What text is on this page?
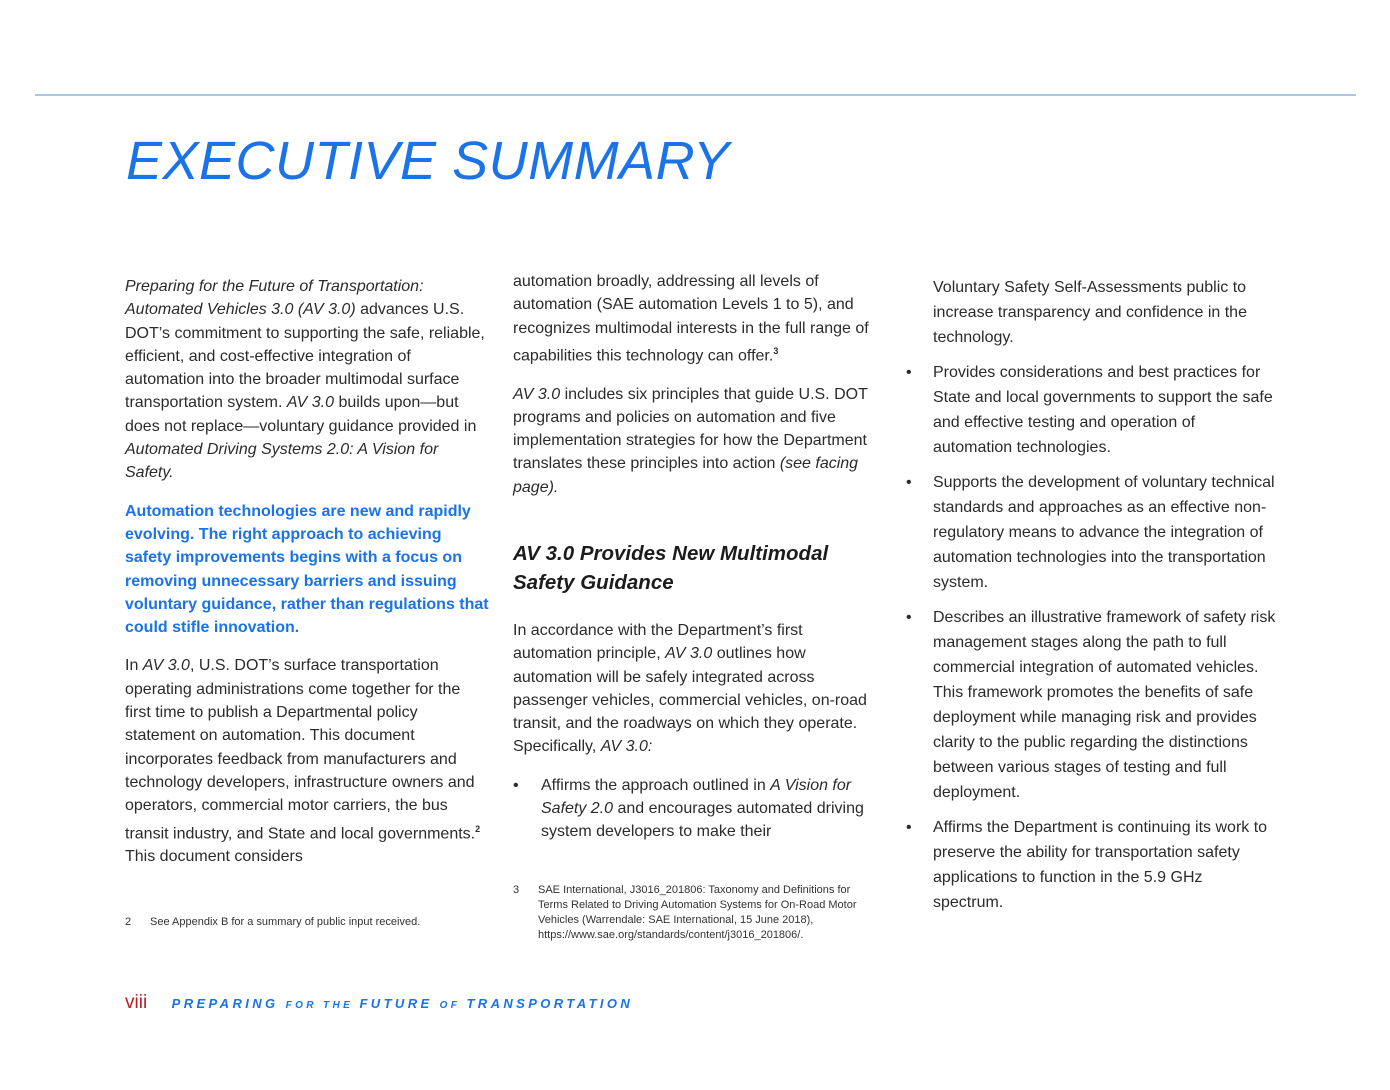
EXECUTIVE SUMMARY

Preparing for the Future of Transportation: Automated Vehicles 3.0 (AV 3.0) advances U.S. DOT’s commitment to supporting the safe, reliable, efficient, and cost-effective integration of automation into the broader multimodal surface transportation system. AV 3.0 builds upon—but does not replace—voluntary guidance provided in Automated Driving Systems 2.0: A Vision for Safety.

Automation technologies are new and rapidly evolving. The right approach to achieving safety improvements begins with a focus on removing unnecessary barriers and issuing voluntary guidance, rather than regulations that could stifle innovation.

In AV 3.0, U.S. DOT’s surface transportation operating administrations come together for the first time to publish a Departmental policy statement on automation. This document incorporates feedback from manufacturers and technology developers, infrastructure owners and operators, commercial motor carriers, the bus transit industry, and State and local governments.$^2$ This document considers

automation broadly, addressing all levels of automation (SAE automation Levels 1 to 5), and recognizes multimodal interests in the full range of capabilities this technology can offer.$^3$

AV 3.0 includes six principles that guide U.S. DOT programs and policies on automation and five implementation strategies for how the Department translates these principles into action (see facing page).

AV 3.0 Provides New Multimodal Safety Guidance

In accordance with the Department’s first automation principle, AV 3.0 outlines how automation will be safely integrated across passenger vehicles, commercial vehicles, on-road transit, and the roadways on which they operate. Specifically, AV 3.0:

• Affirms the approach outlined in A Vision for Safety 2.0 and encourages automated driving system developers to make their
Voluntary Safety Self-Assessments public to increase transparency and confidence in the technology.
• Provides considerations and best practices for State and local governments to support the safe and effective testing and operation of automation technologies.
• Supports the development of voluntary technical standards and approaches as an effective non-regulatory means to advance the integration of automation technologies into the transportation system.
• Describes an illustrative framework of safety risk management stages along the path to full commercial integration of automated vehicles. This framework promotes the benefits of safe deployment while managing risk and provides clarity to the public regarding the distinctions between various stages of testing and full deployment.
• Affirms the Department is continuing its work to preserve the ability for transportation safety applications to function in the 5.9 GHz spectrum.
2	See Appendix B for a summary of public input received.
3	SAE International, J3016_201806: Taxonomy and Definitions for Terms Related to Driving Automation Systems for On-Road Motor Vehicles (Warrendale: SAE International, 15 June 2018), https://www.sae.org/standards/content/j3016_201806/.
viii PREPARING FOR THE FUTURE OF TRANSPORTATION
